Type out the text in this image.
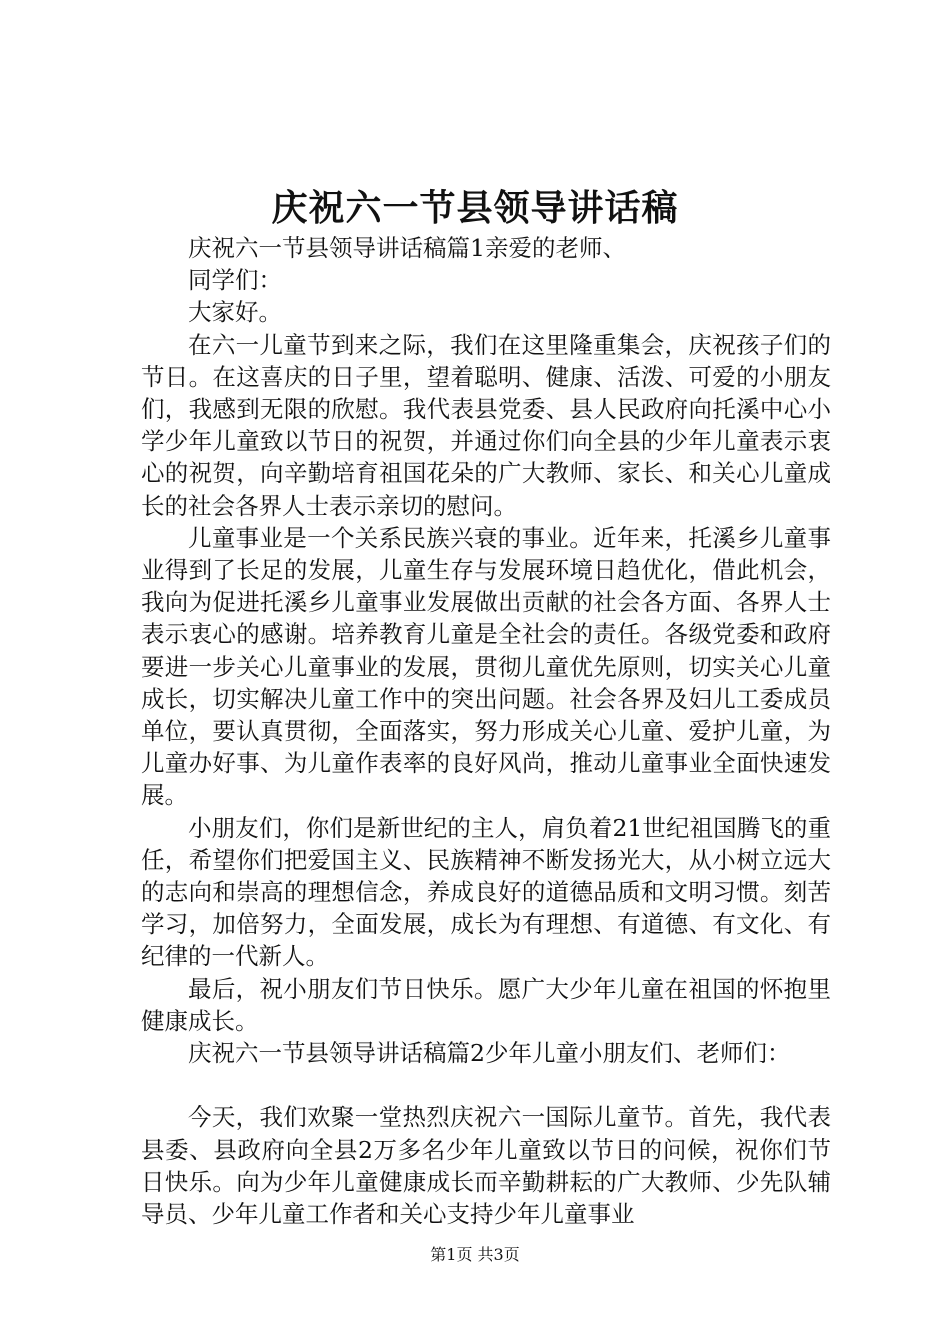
庆祝六一节县领导讲话稿

庆祝六一节县领导讲话稿篇1亲爱的老师、

同学们：

大家好。

在六一儿童节到来之际，我们在这里隆重集会，庆祝孩子们的节日。在这喜庆的日子里，望着聪明、健康、活泼、可爱的小朋友们，我感到无限的欣慰。我代表县党委、县人民政府向托溪中心小学少年儿童致以节日的祝贺，并通过你们向全县的少年儿童表示衷心的祝贺，向辛勤培育祖国花朵的广大教师、家长、和关心儿童成长的社会各界人士表示亲切的慰问。

儿童事业是一个关系民族兴衰的事业。近年来，托溪乡儿童事业得到了长足的发展，儿童生存与发展环境日趋优化，借此机会，我向为促进托溪乡儿童事业发展做出贡献的社会各方面、各界人士表示衷心的感谢。培养教育儿童是全社会的责任。各级党委和政府要进一步关心儿童事业的发展，贯彻儿童优先原则，切实关心儿童成长，切实解决儿童工作中的突出问题。社会各界及妇儿工委成员单位，要认真贯彻，全面落实，努力形成关心儿童、爱护儿童，为儿童办好事、为儿童作表率的良好风尚，推动儿童事业全面快速发展。

小朋友们，你们是新世纪的主人，肩负着21世纪祖国腾飞的重任，希望你们把爱国主义、民族精神不断发扬光大，从小树立远大的志向和崇高的理想信念，养成良好的道德品质和文明习惯。刻苦学习，加倍努力，全面发展，成长为有理想、有道德、有文化、有纪律的一代新人。

最后，祝小朋友们节日快乐。愿广大少年儿童在祖国的怀抱里健康成长。

庆祝六一节县领导讲话稿篇2少年儿童小朋友们、老师们：

今天，我们欢聚一堂热烈庆祝六一国际儿童节。首先，我代表县委、县政府向全县2万多名少年儿童致以节日的问候，祝你们节日快乐。向为少年儿童健康成长而辛勤耕耘的广大教师、少先队辅导员、少年儿童工作者和关心支持少年儿童事业

第1页 共3页
